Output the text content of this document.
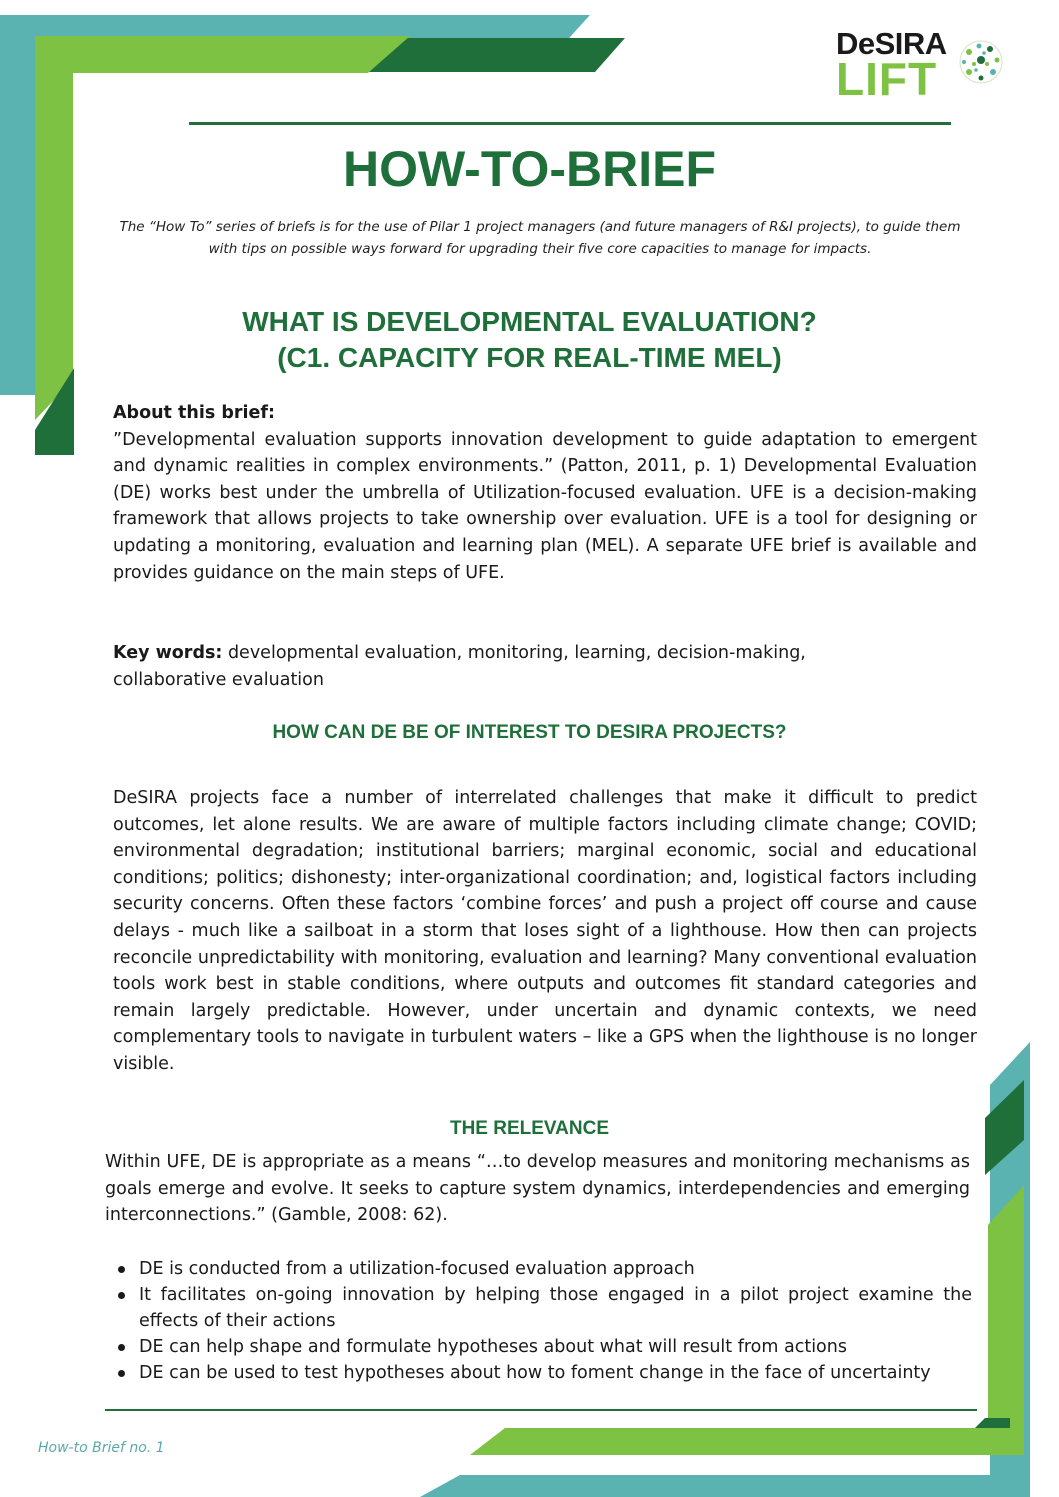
DeSIRA
LIFT
HOW-TO-BRIEF

The “How To” series of briefs is for the use of Pilar 1 project managers (and future managers of R&I projects), to guide them with tips on possible ways forward for upgrading their five core capacities to manage for impacts.

WHAT IS DEVELOPMENTAL EVALUATION?
(C1. CAPACITY FOR REAL-TIME MEL)
About this brief:
”Developmental evaluation supports innovation development to guide adaptation to emergent and dynamic realities in complex environments.” (Patton, 2011, p. 1) Developmental Evaluation (DE) works best under the umbrella of Utilization-focused evaluation. UFE is a decision-making framework that allows projects to take ownership over evaluation. UFE is a tool for designing or updating a monitoring, evaluation and learning plan (MEL). A separate UFE brief is available and provides guidance on the main steps of UFE.
Key words: developmental evaluation, monitoring, learning, decision-making, collaborative evaluation
HOW CAN DE BE OF INTEREST TO DESIRA PROJECTS?

DeSIRA projects face a number of interrelated challenges that make it difficult to predict outcomes, let alone results. We are aware of multiple factors including climate change; COVID; environmental degradation; institutional barriers; marginal economic, social and educational conditions; politics; dishonesty; inter-organizational coordination; and, logistical factors including security concerns. Often these factors ‘combine forces’ and push a project off course and cause delays - much like a sailboat in a storm that loses sight of a lighthouse. How then can projects reconcile unpredictability with monitoring, evaluation and learning? Many conventional evaluation tools work best in stable conditions, where outputs and outcomes fit standard categories and remain largely predictable. However, under uncertain and dynamic contexts, we need complementary tools to navigate in turbulent waters – like a GPS when the lighthouse is no longer visible.

THE RELEVANCE

Within UFE, DE is appropriate as a means “…to develop measures and monitoring mechanisms as goals emerge and evolve. It seeks to capture system dynamics, interdependencies and emerging interconnections.” (Gamble, 2008: 62).

DE is conducted from a utilization-focused evaluation approach
It facilitates on-going innovation by helping those engaged in a pilot project examine the effects of their actions
DE can help shape and formulate hypotheses about what will result from actions
DE can be used to test hypotheses about how to foment change in the face of uncertainty
How-to Brief no. 1
